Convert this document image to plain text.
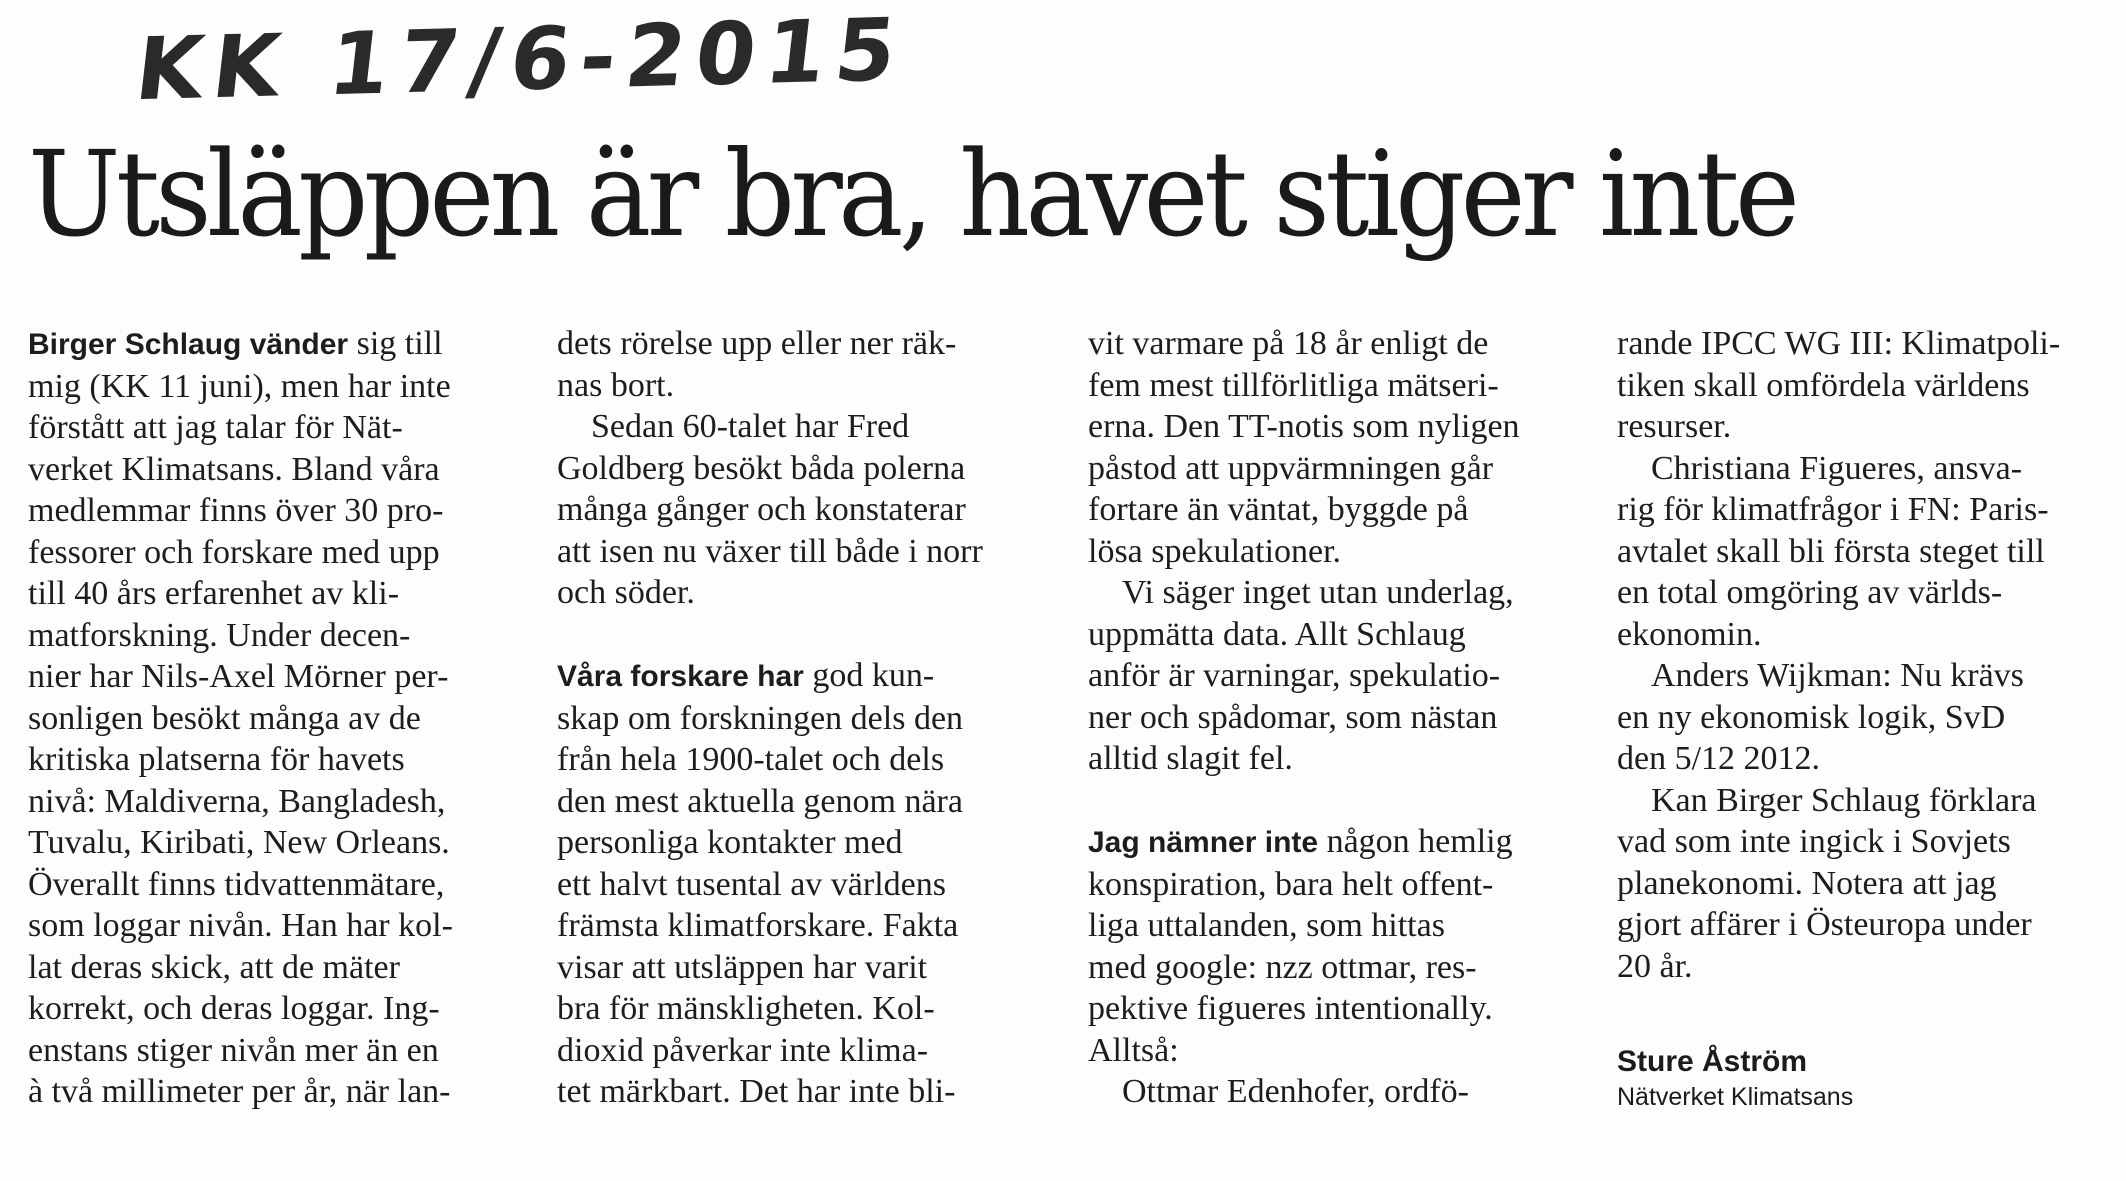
KK 17/6-2015
Utsläppen är bra, havet stiger inte

Birger Schlaug vänder sig till

mig (KK 11 juni), men har inte

förstått att jag talar för Nät-

verket Klimatsans. Bland våra

medlemmar finns över 30 pro-

fessorer och forskare med upp

till 40 års erfarenhet av kli-

matforskning. Under decen-

nier har Nils-Axel Mörner per-

sonligen besökt många av de

kritiska platserna för havets

nivå: Maldiverna, Bangladesh,

Tuvalu, Kiribati, New Orleans.

Överallt finns tidvattenmätare,

som loggar nivån. Han har kol-

lat deras skick, att de mäter

korrekt, och deras loggar. Ing-

enstans stiger nivån mer än en

à två millimeter per år, när lan-

dets rörelse upp eller ner räk-

nas bort.

Sedan 60-talet har Fred

Goldberg besökt båda polerna

många gånger och konstaterar

att isen nu växer till både i norr

och söder.

Våra forskare har god kun-

skap om forskningen dels den

från hela 1900-talet och dels

den mest aktuella genom nära

personliga kontakter med

ett halvt tusental av världens

främsta klimatforskare. Fakta

visar att utsläppen har varit

bra för mänskligheten. Kol-

dioxid påverkar inte klima-

tet märkbart. Det har inte bli-

vit varmare på 18 år enligt de

fem mest tillförlitliga mätseri-

erna. Den TT-notis som nyligen

påstod att uppvärmningen går

fortare än väntat, byggde på

lösa spekulationer.

Vi säger inget utan underlag,

uppmätta data. Allt Schlaug

anför är varningar, spekulatio-

ner och spådomar, som nästan

alltid slagit fel.

Jag nämner inte någon hemlig

konspiration, bara helt offent-

liga uttalanden, som hittas

med google: nzz ottmar, res-

pektive figueres intentionally.

Alltså:

Ottmar Edenhofer, ordfö-

rande IPCC WG III: Klimatpoli-

tiken skall omfördela världens

resurser.

Christiana Figueres, ansva-

rig för klimatfrågor i FN: Paris-

avtalet skall bli första steget till

en total omgöring av världs-

ekonomin.

Anders Wijkman: Nu krävs

en ny ekonomisk logik, SvD

den 5/12 2012.

Kan Birger Schlaug förklara

vad som inte ingick i Sovjets

planekonomi. Notera att jag

gjort affärer i Östeuropa under

20 år.

Sture Åström
Nätverket Klimatsans
